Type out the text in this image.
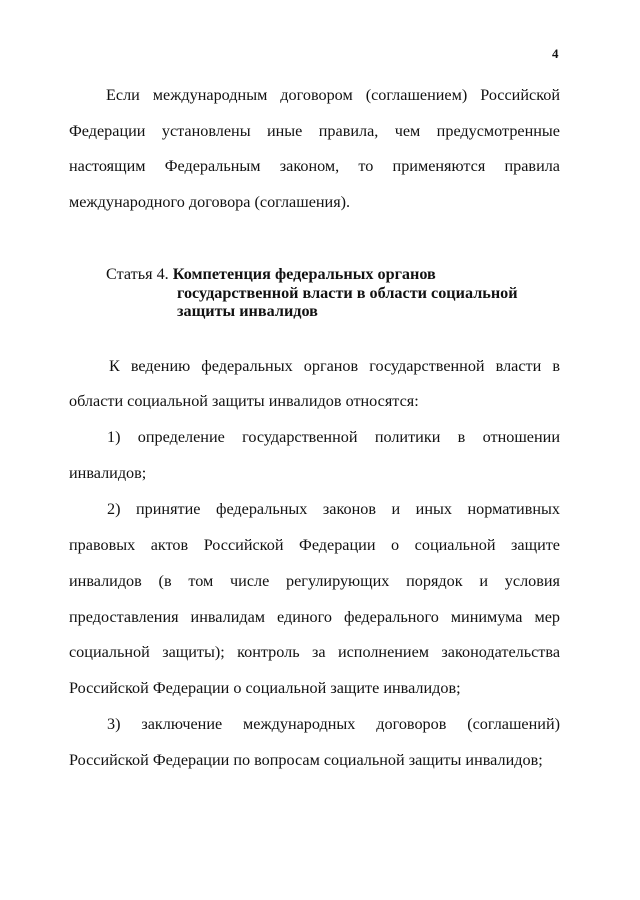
4
Если международным договором (соглашением) Российской
Федерации установлены иные правила, чем предусмотренные
настоящим Федеральным законом, то применяются правила
международного договора (соглашения).
Статья 4. Компетенция федеральных органов
государственной власти в области социальной
защиты инвалидов
К ведению федеральных органов государственной власти в
области социальной защиты инвалидов относятся:
1) определение государственной политики в отношении
инвалидов;
2) принятие федеральных законов и иных нормативных
правовых актов Российской Федерации о социальной защите
инвалидов (в том числе регулирующих порядок и условия
предоставления инвалидам единого федерального минимума мер
социальной защиты); контроль за исполнением законодательства
Российской Федерации о социальной защите инвалидов;
3) заключение международных договоров (соглашений)
Российской Федерации по вопросам социальной защиты инвалидов;
